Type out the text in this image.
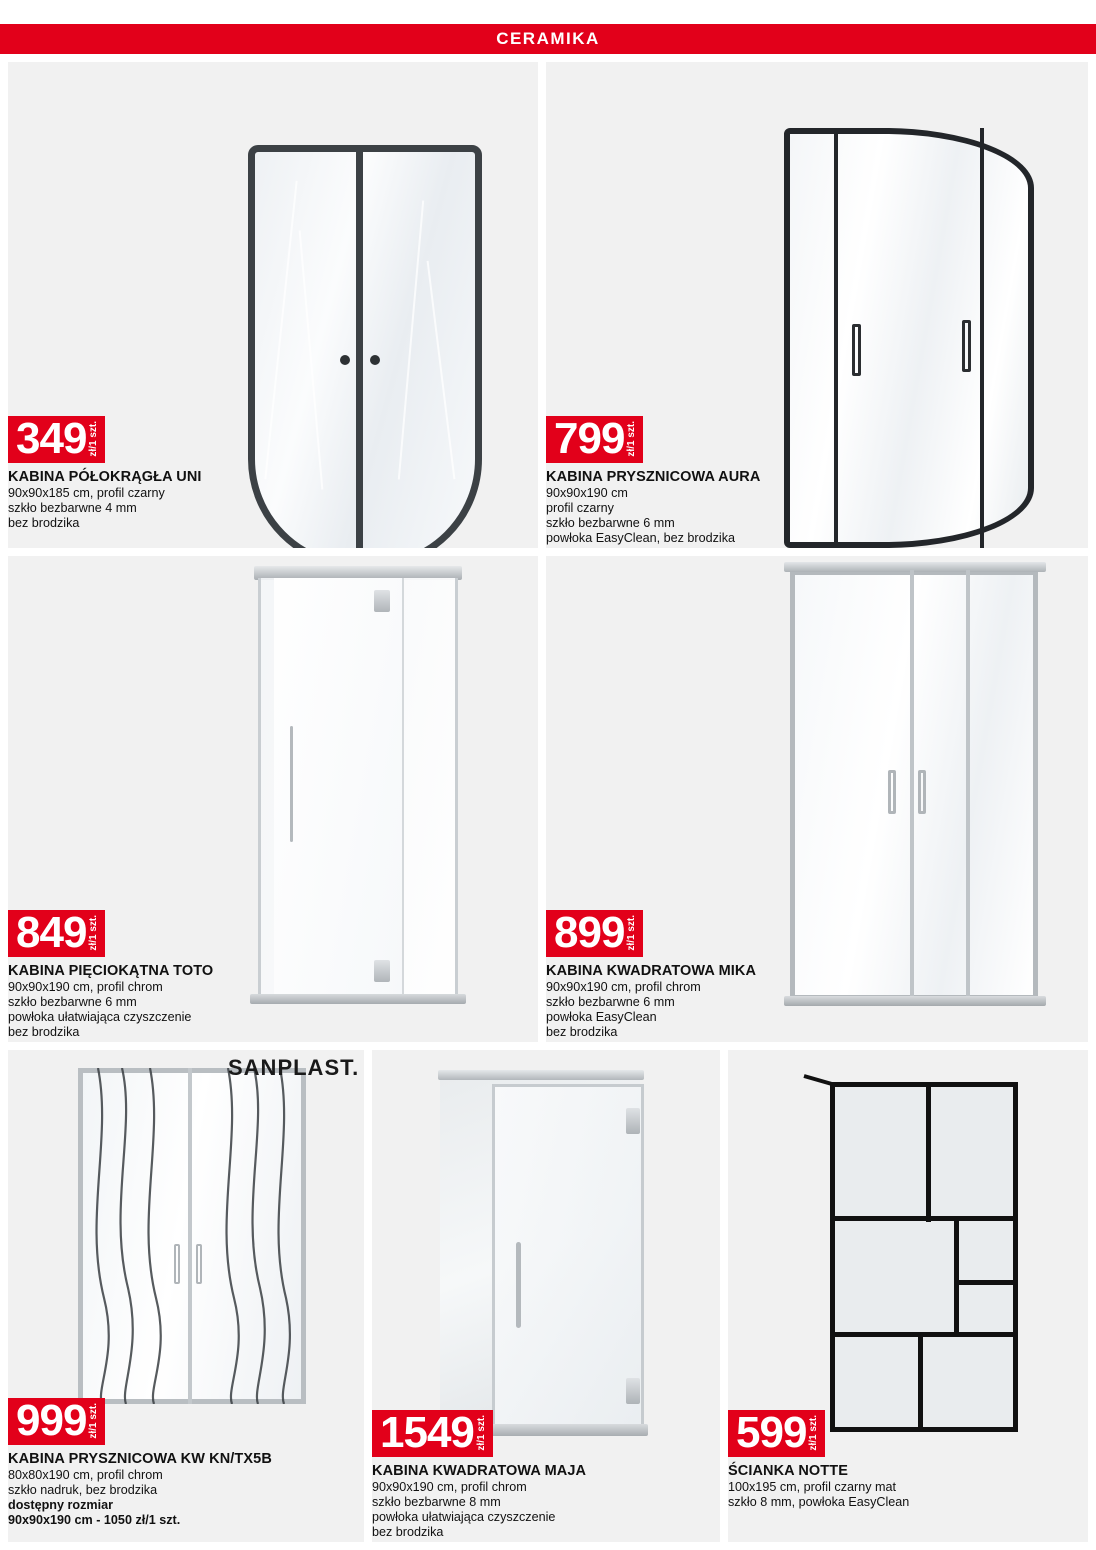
CERAMIKA
349 zł/1 szt.
KABINA PÓŁOKRĄGŁA UNI
90x90x185 cm, profil czarny
szkło bezbarwne 4 mm
bez brodzika
799 zł/1 szt.
KABINA PRYSZNICOWA AURA
90x90x190 cm
profil czarny
szkło bezbarwne 6 mm
powłoka EasyClean, bez brodzika
849 zł/1 szt.
KABINA PIĘCIOKĄTNA TOTO
90x90x190 cm, profil chrom
szkło bezbarwne 6 mm
powłoka ułatwiająca czyszczenie
bez brodzika
899 zł/1 szt.
KABINA KWADRATOWA MIKA
90x90x190 cm, profil chrom
szkło bezbarwne 6 mm
powłoka EasyClean
bez brodzika
SANPLAST.
999 zł/1 szt.
KABINA PRYSZNICOWA KW KN/TX5B
80x80x190 cm, profil chrom
szkło nadruk, bez brodzika
dostępny rozmiar
90x90x190 cm - 1050 zł/1 szt.
1549 zł/1 szt.
KABINA KWADRATOWA MAJA
90x90x190 cm, profil chrom
szkło bezbarwne 8 mm
powłoka ułatwiająca czyszczenie
bez brodzika
599 zł/1 szt.
ŚCIANKA NOTTE
100x195 cm, profil czarny mat
szkło 8 mm, powłoka EasyClean
